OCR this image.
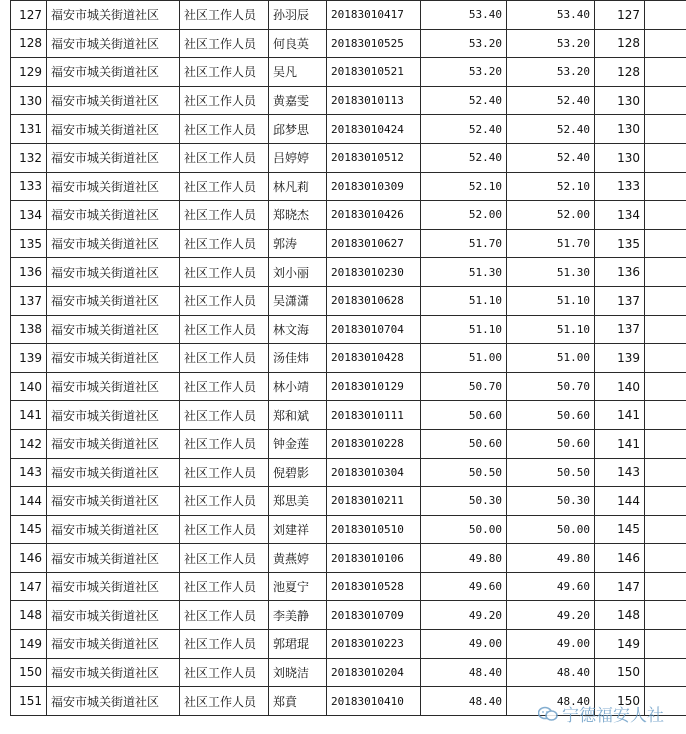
127	福安市城关街道社区	社区工作人员	孙羽辰	20183010417	53.40	53.40	127	
128	福安市城关街道社区	社区工作人员	何良英	20183010525	53.20	53.20	128	
129	福安市城关街道社区	社区工作人员	吴凡	20183010521	53.20	53.20	128	
130	福安市城关街道社区	社区工作人员	黄嘉雯	20183010113	52.40	52.40	130	
131	福安市城关街道社区	社区工作人员	邱梦思	20183010424	52.40	52.40	130	
132	福安市城关街道社区	社区工作人员	吕婷婷	20183010512	52.40	52.40	130	
133	福安市城关街道社区	社区工作人员	林凡莉	20183010309	52.10	52.10	133	
134	福安市城关街道社区	社区工作人员	郑晓杰	20183010426	52.00	52.00	134	
135	福安市城关街道社区	社区工作人员	郭涛	20183010627	51.70	51.70	135	
136	福安市城关街道社区	社区工作人员	刘小丽	20183010230	51.30	51.30	136	
137	福安市城关街道社区	社区工作人员	吴潇潇	20183010628	51.10	51.10	137	
138	福安市城关街道社区	社区工作人员	林文海	20183010704	51.10	51.10	137	
139	福安市城关街道社区	社区工作人员	汤佳炜	20183010428	51.00	51.00	139	
140	福安市城关街道社区	社区工作人员	林小靖	20183010129	50.70	50.70	140	
141	福安市城关街道社区	社区工作人员	郑和斌	20183010111	50.60	50.60	141	
142	福安市城关街道社区	社区工作人员	钟金莲	20183010228	50.60	50.60	141	
143	福安市城关街道社区	社区工作人员	倪碧影	20183010304	50.50	50.50	143	
144	福安市城关街道社区	社区工作人员	郑思美	20183010211	50.30	50.30	144	
145	福安市城关街道社区	社区工作人员	刘建祥	20183010510	50.00	50.00	145	
146	福安市城关街道社区	社区工作人员	黄燕婷	20183010106	49.80	49.80	146	
147	福安市城关街道社区	社区工作人员	池夏宁	20183010528	49.60	49.60	147	
148	福安市城关街道社区	社区工作人员	李美静	20183010709	49.20	49.20	148	
149	福安市城关街道社区	社区工作人员	郭珺琨	20183010223	49.00	49.00	149	
150	福安市城关街道社区	社区工作人员	刘晓洁	20183010204	48.40	48.40	150	
151	福安市城关街道社区	社区工作人员	郑賁	20183010410	48.40	48.40	150	
宁德福安人社
